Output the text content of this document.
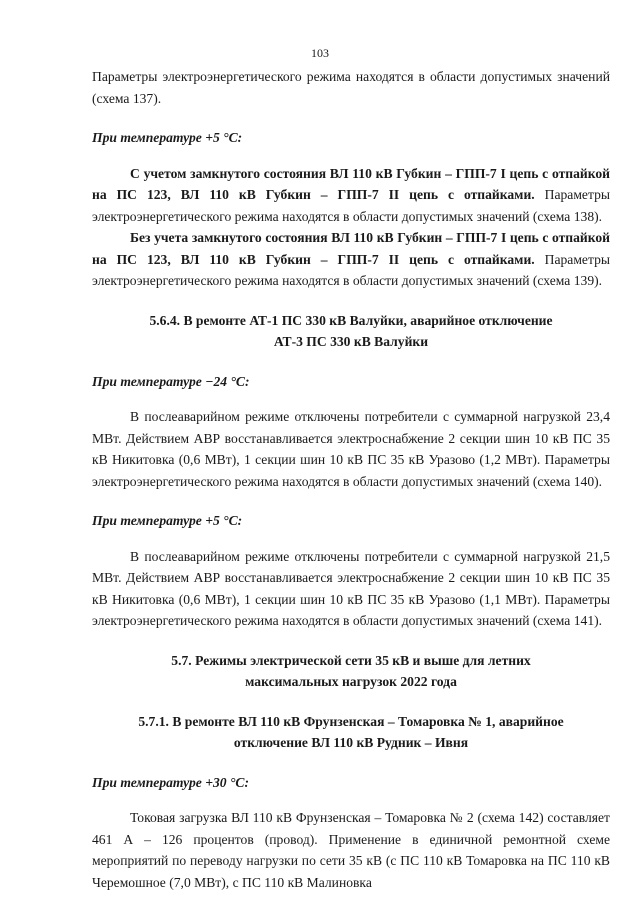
103

Параметры электроэнергетического режима находятся в области допустимых значений (схема 137).

При температуре +5 °С:

С учетом замкнутого состояния ВЛ 110 кВ Губкин – ГПП-7 I цепь с отпайкой на ПС 123, ВЛ 110 кВ Губкин – ГПП-7 II цепь с отпайками. Параметры электроэнергетического режима находятся в области допустимых значений (схема 138).

Без учета замкнутого состояния ВЛ 110 кВ Губкин – ГПП-7 I цепь с отпайкой на ПС 123, ВЛ 110 кВ Губкин – ГПП-7 II цепь с отпайками. Параметры электроэнергетического режима находятся в области допустимых значений (схема 139).

5.6.4. В ремонте АТ-1 ПС 330 кВ Валуйки, аварийное отключение

АТ-3 ПС 330 кВ Валуйки

При температуре −24 °С:

В послеаварийном режиме отключены потребители с суммарной нагрузкой 23,4 МВт. Действием АВР восстанавливается электроснабжение 2 секции шин 10 кВ ПС 35 кВ Никитовка (0,6 МВт), 1 секции шин 10 кВ ПС 35 кВ Уразово (1,2 МВт). Параметры электроэнергетического режима находятся в области допустимых значений (схема 140).

При температуре +5 °С:

В послеаварийном режиме отключены потребители с суммарной нагрузкой 21,5 МВт. Действием АВР восстанавливается электроснабжение 2 секции шин 10 кВ ПС 35 кВ Никитовка (0,6 МВт), 1 секции шин 10 кВ ПС 35 кВ Уразово (1,1 МВт). Параметры электроэнергетического режима находятся в области допустимых значений (схема 141).

5.7. Режимы электрической сети 35 кВ и выше для летних

максимальных нагрузок 2022 года

5.7.1. В ремонте ВЛ 110 кВ Фрунзенская – Томаровка № 1, аварийное

отключение ВЛ 110 кВ Рудник – Ивня

При температуре +30 °С:

Токовая загрузка ВЛ 110 кВ Фрунзенская – Томаровка № 2 (схема 142) составляет 461 А – 126 процентов (провод). Применение в единичной ремонтной схеме мероприятий по переводу нагрузки по сети 35 кВ (с ПС 110 кВ Томаровка на ПС 110 кВ Черемошное (7,0 МВт), с ПС 110 кВ Малиновка
